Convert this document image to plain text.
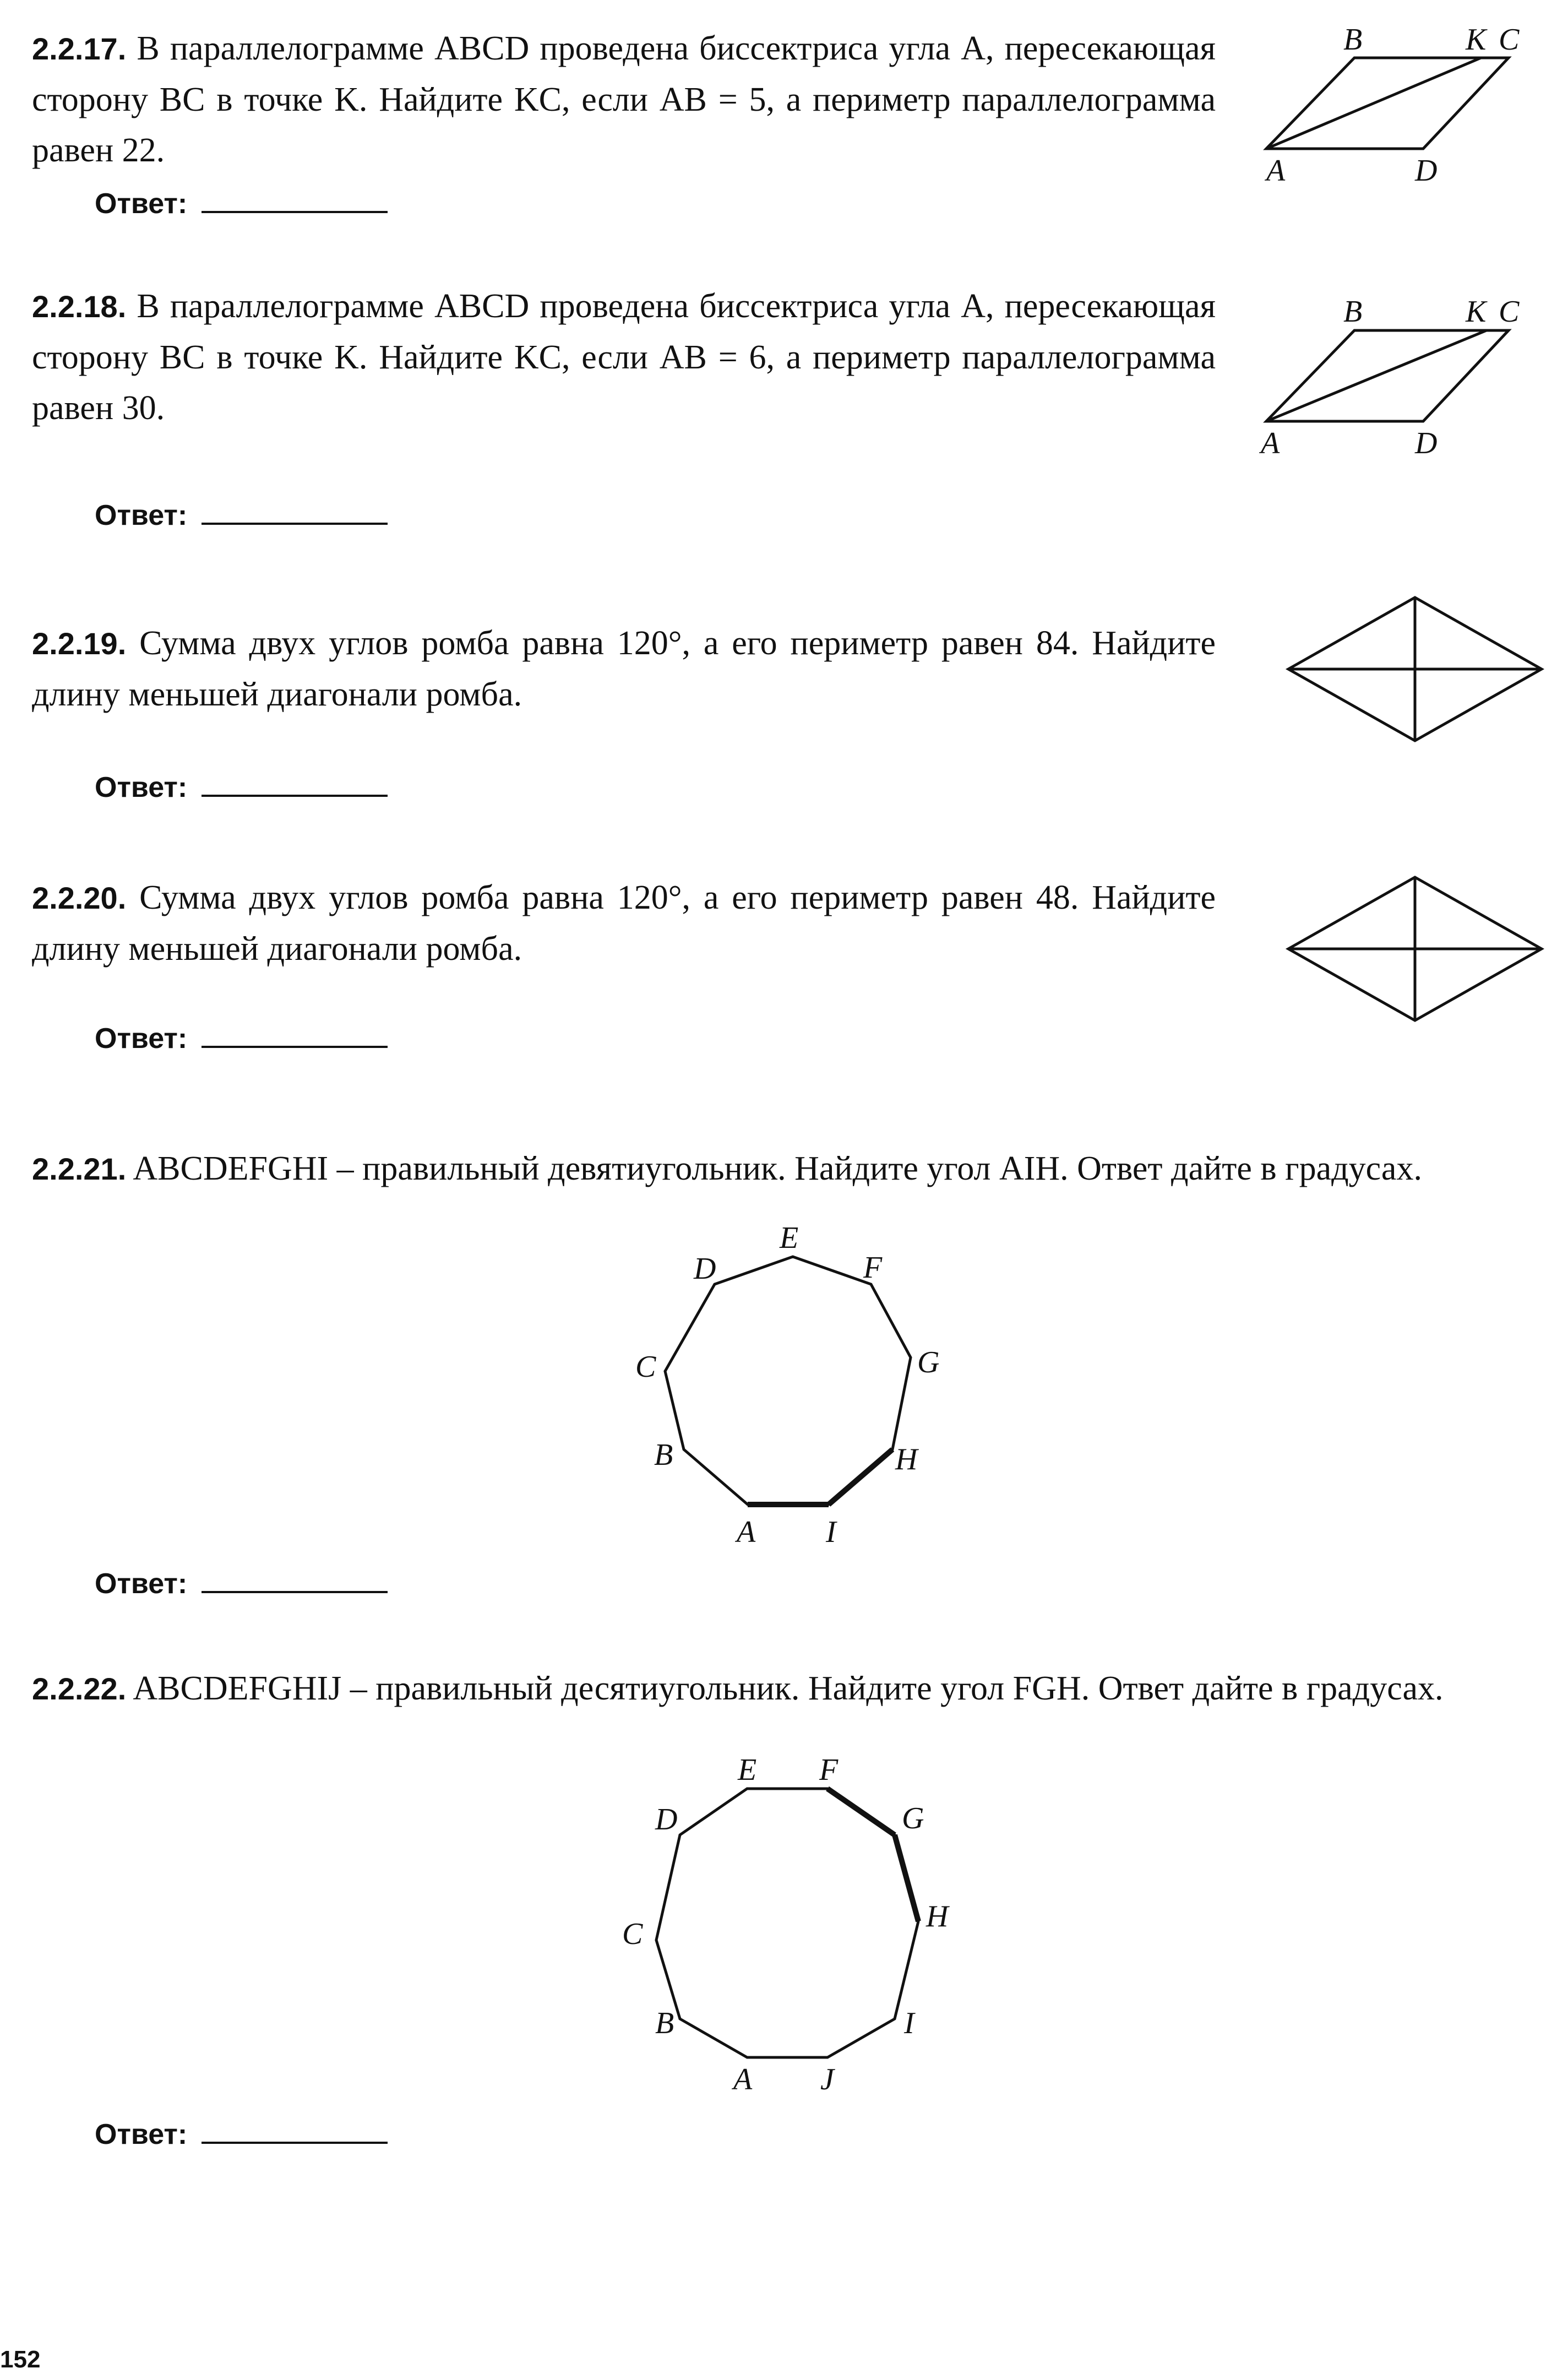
2.2.17. В параллелограмме ABCD проведена биссектриса угла A, пересекающая сторону BC в точке K. Найдите KC, если AB = 5, а периметр параллелограмма равен 22.
Ответ:
B	K C
A	D
2.2.18. В параллелограмме ABCD проведена биссектриса угла A, пересекающая сторону BC в точке K. Найдите KC, если AB = 6, а периметр параллелограмма равен 30.
Ответ:
B	K C
A	D
2.2.19. Сумма двух углов ромба равна 120°, а его периметр равен 84. Найдите длину меньшей диагонали ромба.
Ответ:
2.2.20. Сумма двух углов ромба равна 120°, а его периметр равен 48. Найдите длину меньшей диагонали ромба.
Ответ:
2.2.21. ABCDEFGHI – правильный девятиугольник. Найдите угол AIH. Ответ дайте в градусах.
A
B
C
D
E
F
G
H
I
Ответ:
2.2.22. ABCDEFGHIJ – правильный десятиугольник. Найдите угол FGH. Ответ дайте в градусах.
A
B
C
D
E F
G
H
I
J
Ответ:
152
